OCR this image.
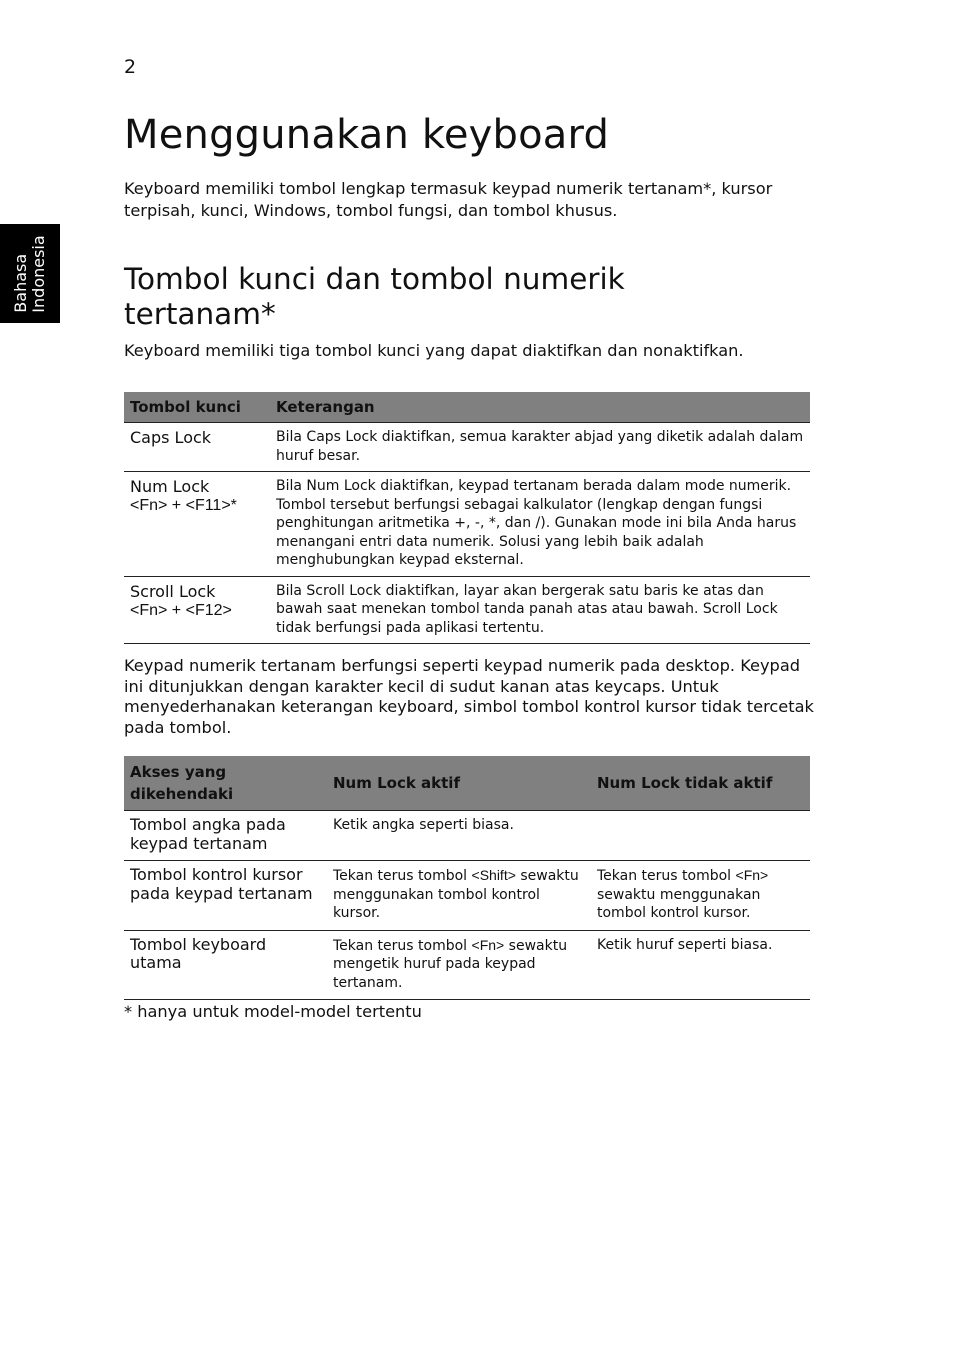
2
Bahasa Indonesia
Menggunakan keyboard

Keyboard memiliki tombol lengkap termasuk keypad numerik tertanam*, kursor terpisah, kunci, Windows, tombol fungsi, dan tombol khusus.

Tombol kunci dan tombol numerik tertanam*

Keyboard memiliki tiga tombol kunci yang dapat diaktifkan dan nonaktifkan.

Tombol kunci	Keterangan

Caps Lock	Bila Caps Lock diaktifkan, semua karakter abjad yang diketik adalah dalam huruf besar.

Num Lock
<Fn> + <F11>*	Bila Num Lock diaktifkan, keypad tertanam berada dalam mode numerik. Tombol tersebut berfungsi sebagai kalkulator (lengkap dengan fungsi penghitungan aritmetika +, -, *, dan /). Gunakan mode ini bila Anda harus menangani entri data numerik. Solusi yang lebih baik adalah menghubungkan keypad eksternal.

Scroll Lock
<Fn> + <F12>	Bila Scroll Lock diaktifkan, layar akan bergerak satu baris ke atas dan bawah saat menekan tombol tanda panah atas atau bawah. Scroll Lock tidak berfungsi pada aplikasi tertentu.

Keypad numerik tertanam berfungsi seperti keypad numerik pada desktop. Keypad ini ditunjukkan dengan karakter kecil di sudut kanan atas keycaps. Untuk menyederhanakan keterangan keyboard, simbol tombol kontrol kursor tidak tercetak pada tombol.

Akses yang dikehendaki	Num Lock aktif	Num Lock tidak aktif
Tombol angka pada keypad tertanam	Ketik angka seperti biasa.	
Tombol kontrol kursor pada keypad tertanam	Tekan terus tombol <Shift> sewaktu menggunakan tombol kontrol kursor.	Tekan terus tombol <Fn> sewaktu menggunakan tombol kontrol kursor.
Tombol keyboard utama	Tekan terus tombol <Fn> sewaktu mengetik huruf pada keypad tertanam.	Ketik huruf seperti biasa.

* hanya untuk model-model tertentu
